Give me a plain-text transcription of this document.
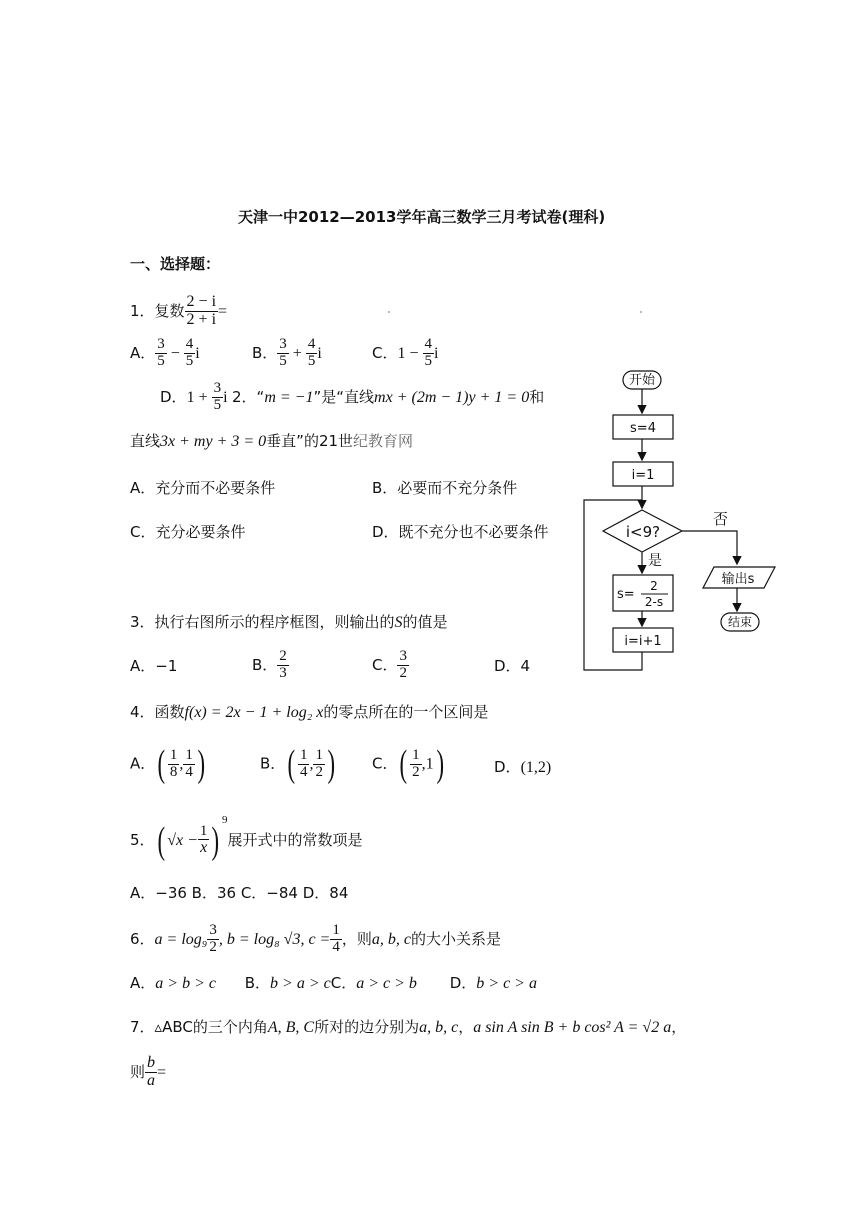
天津一中2012—2013学年高三数学三月考试卷(理科)
一、选择题：
1．复数 $\frac{2 - i}{2 + i}$ =
A． $\frac{3}{5} - \frac{4}{5}$ i	B． $\frac{3}{5} + \frac{4}{5}$ i	C．$1 - \frac{4}{5}$ i
D．$1 + \frac{3}{5}$ i 2．“m = −1”是“直线mx + (2m − 1)y + 1 = 0和
直线3x + my + 3 = 0垂直”的21世纪教育网
A．充分而不必要条件	B．必要而不充分条件
C．充分必要条件	D．既不充分也不必要条件
3．执行右图所示的程序框图，则输出的S的值是
A．−1	B． $\frac{2}{3}$	C． $\frac{3}{2}$	D．4
4．函数f(x) = 2x − 1 + log₂ x的零点所在的一个区间是
A．( $\frac{1}{8}$ , $\frac{1}{4}$ )	B．( $\frac{1}{4}$ , $\frac{1}{2}$ ) C．( $\frac{1}{2} ,1$)	D．(1,2)
5．( $√x - \frac{1}{x}$ ) $^9$展开式中的常数项是
A．−36 B．36 C．−84 D．84
6．$a = \log_9 \frac{3}{2}$ , b = log₈ √3, $c = \frac{1}{4}$ ，则a, b, c的大小关系是
A．a > b > c B．b > a > cC．a > c > b D．b > c > a
7．▵ABC的三个内角A, B, C所对的边分别为a, b, c，a sin A sin B + b cos² A = √2 a，
则 $\frac{b}{a}$ =
开始
s=4
i=1
i<9?
否
是
s=
2
2-s
i=i+1
输出s
结束
